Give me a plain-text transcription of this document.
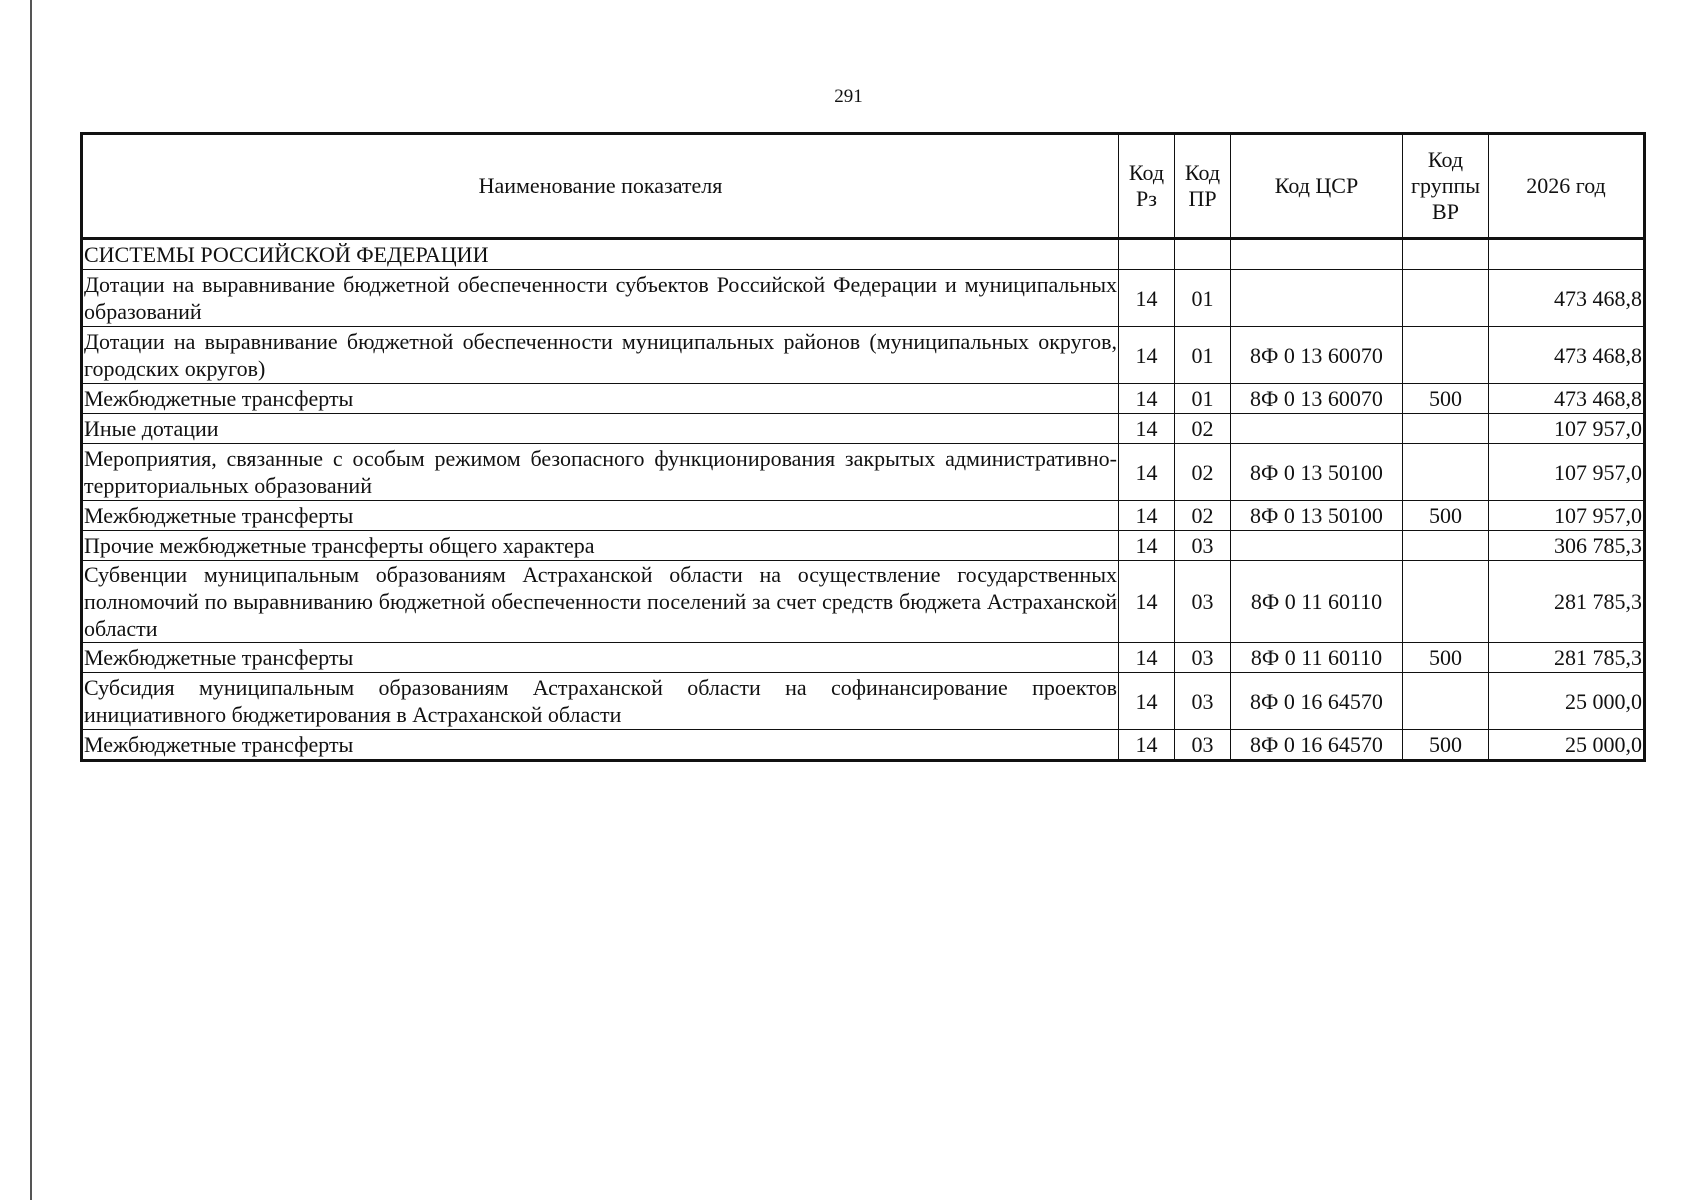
291
Наименование показателя	Код Рз	Код ПР	Код ЦСР	Код группы ВР	2026 год
СИСТЕМЫ РОССИЙСКОЙ ФЕДЕРАЦИИ					
Дотации на выравнивание бюджетной обеспеченности субъектов Российской Федерации и муниципальных образований	14	01			473 468,8
Дотации на выравнивание бюджетной обеспеченности муниципальных районов (муниципальных округов, городских округов)	14	01	8Ф 0 13 60070		473 468,8
Межбюджетные трансферты	14	01	8Ф 0 13 60070	500	473 468,8
Иные дотации	14	02			107 957,0
Мероприятия, связанные с особым режимом безопасного функционирования закрытых административно-территориальных образований	14	02	8Ф 0 13 50100		107 957,0
Межбюджетные трансферты	14	02	8Ф 0 13 50100	500	107 957,0
Прочие межбюджетные трансферты общего характера	14	03			306 785,3
Субвенции муниципальным образованиям Астраханской области на осуществление государственных полномочий по выравниванию бюджетной обеспеченности поселений за счет средств бюджета Астраханской области	14	03	8Ф 0 11 60110		281 785,3
Межбюджетные трансферты	14	03	8Ф 0 11 60110	500	281 785,3
Субсидия муниципальным образованиям Астраханской области на софинансирование проектов инициативного бюджетирования в Астраханской области	14	03	8Ф 0 16 64570		25 000,0
Межбюджетные трансферты	14	03	8Ф 0 16 64570	500	25 000,0
